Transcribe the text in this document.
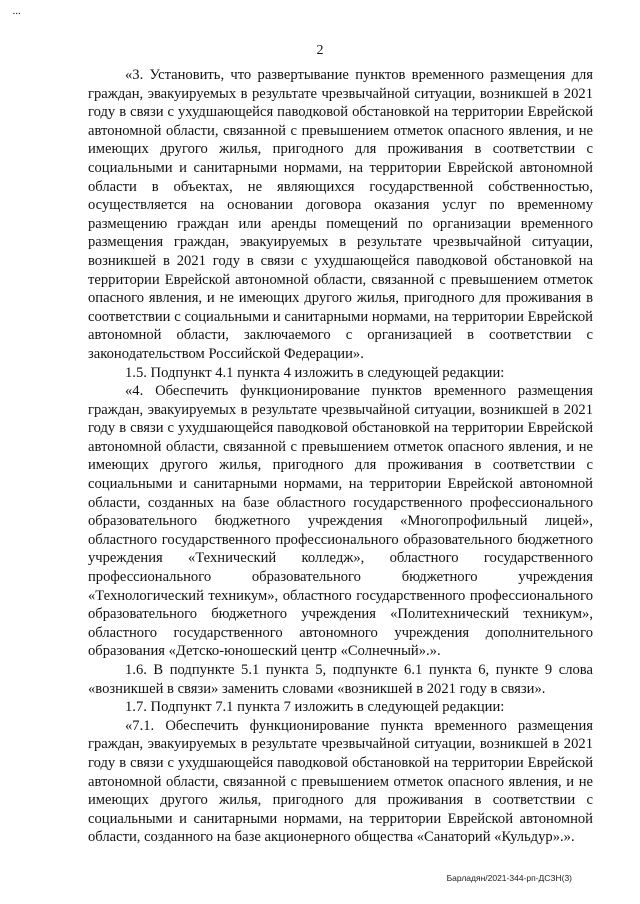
▪▪▪
2

«3. Установить, что развертывание пунктов временного размещения для граждан, эвакуируемых в результате чрезвычайной ситуации, возникшей в 2021 году в связи с ухудшающейся паводковой обстановкой на территории Еврейской автономной области, связанной с превышением отметок опасного явления, и не имеющих другого жилья, пригодного для проживания в соответствии с социальными и санитарными нормами, на территории Еврейской автономной области в объектах, не являющихся государственной собственностью, осуществляется на основании договора оказания услуг по временному размещению граждан или аренды помещений по организации временного размещения граждан, эвакуируемых в результате чрезвычайной ситуации, возникшей в 2021 году в связи с ухудшающейся паводковой обстановкой на территории Еврейской автономной области, связанной с превышением отметок опасного явления, и не имеющих другого жилья, пригодного для проживания в соответствии с социальными и санитарными нормами, на территории Еврейской автономной области, заключаемого с организацией в соответствии с законодательством Российской Федерации».

1.5. Подпункт 4.1 пункта 4 изложить в следующей редакции:

«4. Обеспечить функционирование пунктов временного размещения граждан, эвакуируемых в результате чрезвычайной ситуации, возникшей в 2021 году в связи с ухудшающейся паводковой обстановкой на территории Еврейской автономной области, связанной с превышением отметок опасного явления, и не имеющих другого жилья, пригодного для проживания в соответствии с социальными и санитарными нормами, на территории Еврейской автономной области, созданных на базе областного государственного профессионального образовательного бюджетного учреждения «Многопрофильный лицей», областного государственного профессионального образовательного бюджетного учреждения «Технический колледж», областного государственного профессионального образовательного бюджетного учреждения «Технологический техникум», областного государственного профессионального образовательного бюджетного учреждения «Политехнический техникум», областного государственного автономного учреждения дополнительного образования «Детско-юношеский центр «Солнечный».».

1.6. В подпункте 5.1 пункта 5, подпункте 6.1 пункта 6, пункте 9 слова «возникшей в связи» заменить словами «возникшей в 2021 году в связи».

1.7. Подпункт 7.1 пункта 7 изложить в следующей редакции:

«7.1. Обеспечить функционирование пункта временного размещения граждан, эвакуируемых в результате чрезвычайной ситуации, возникшей в 2021 году в связи с ухудшающейся паводковой обстановкой на территории Еврейской автономной области, связанной с превышением отметок опасного явления, и не имеющих другого жилья, пригодного для проживания в соответствии с социальными и санитарными нормами, на территории Еврейской автономной области, созданного на базе акционерного общества «Санаторий «Кульдур».».

Барладян/2021-344-рп-ДСЗН(3)
